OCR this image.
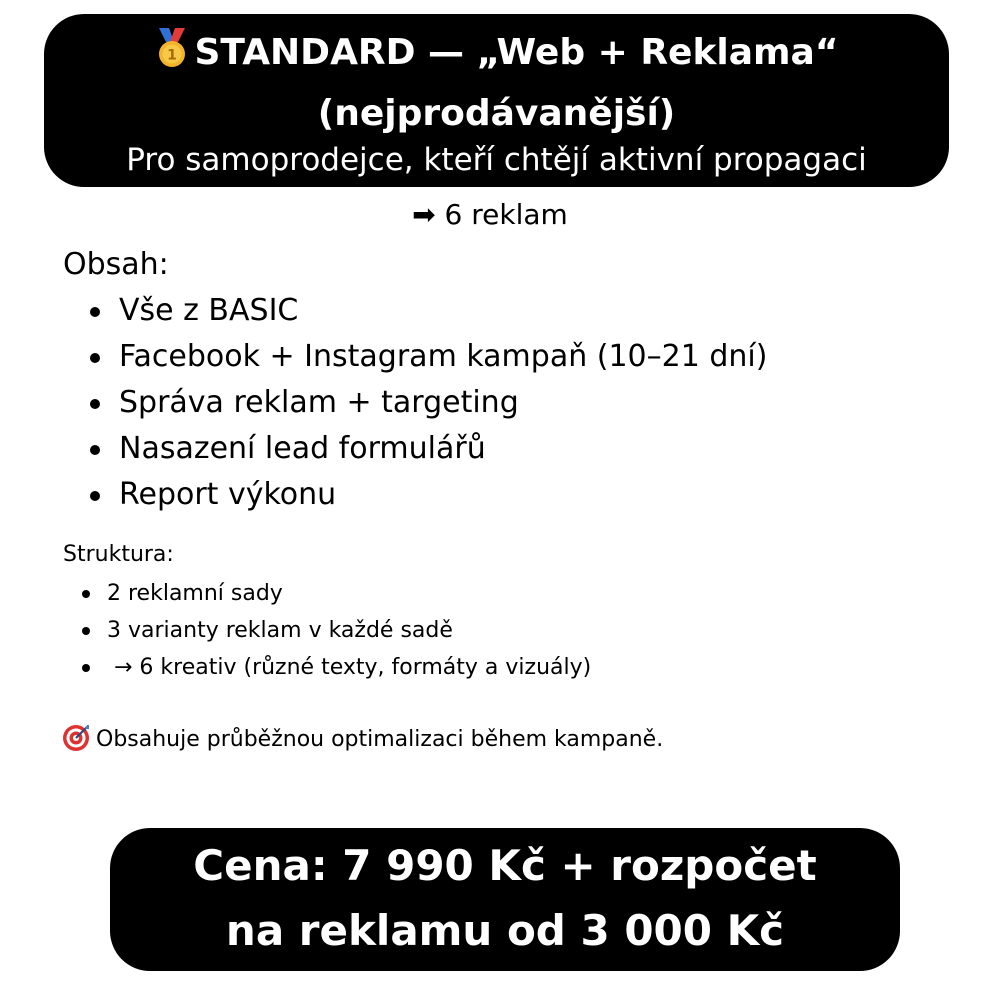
1 STANDARD — „Web + Reklama“
(nejprodávanější)
Pro samoprodejce, kteří chtějí aktivní propagaci
➡ 6 reklam
Obsah:
Vše z BASIC
Facebook + Instagram kampaň (10–21 dní)
Správa reklam + targeting
Nasazení lead formulářů
Report výkonu
Struktura:
2 reklamní sady
3 varianty reklam v každé sadě
→ 6 kreativ (různé texty, formáty a vizuály)
Obsahuje průběžnou optimalizaci během kampaně.
Cena: 7 990 Kč + rozpočet
na reklamu od 3 000 Kč
